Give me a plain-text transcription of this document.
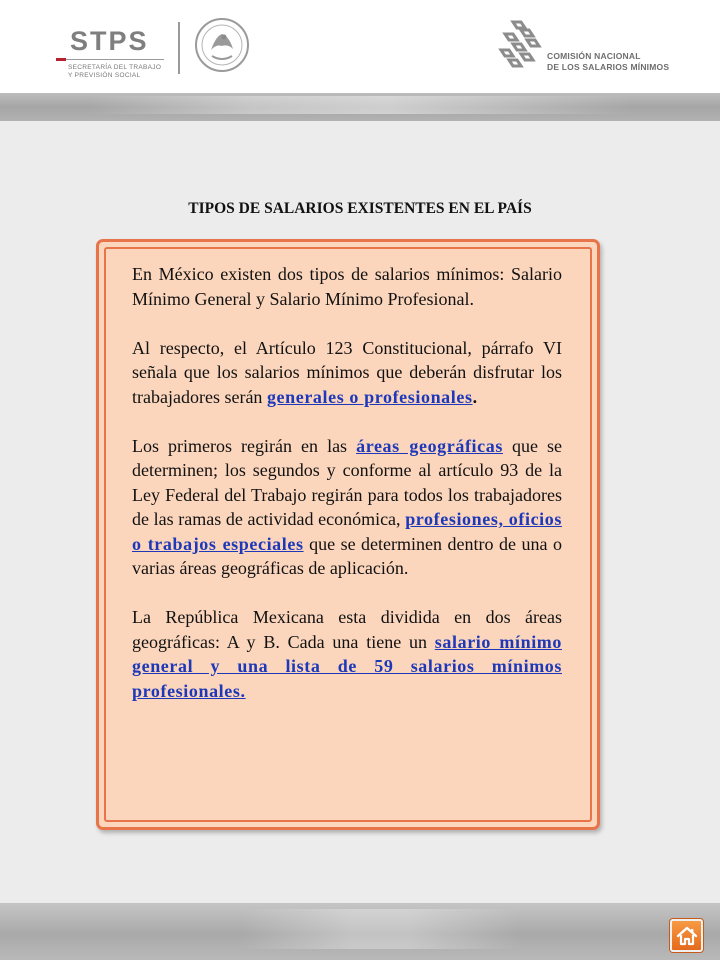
STPS
SECRETARÍA DEL TRABAJO
Y PREVISIÓN SOCIAL
COMISIÓN NACIONAL
DE LOS SALARIOS MÍNIMOS
TIPOS DE SALARIOS EXISTENTES EN EL PAÍS

En México existen dos tipos de salarios mínimos: Salario Mínimo General y Salario Mínimo Profesional.

Al respecto, el Artículo 123 Constitucional, párrafo VI señala que los salarios mínimos que deberán disfrutar los trabajadores serán generales o profesionales.

Los primeros regirán en las áreas geográficas que se determinen; los segundos y conforme al artículo 93 de la Ley Federal del Trabajo regirán para todos los trabajadores de las ramas de actividad económica, profesiones, oficios o trabajos especiales que se determinen dentro de una o varias áreas geográficas de aplicación.

La República Mexicana esta dividida en dos áreas geográficas: A y B. Cada una tiene un salario mínimo general y una lista de 59 salarios mínimos profesionales.
